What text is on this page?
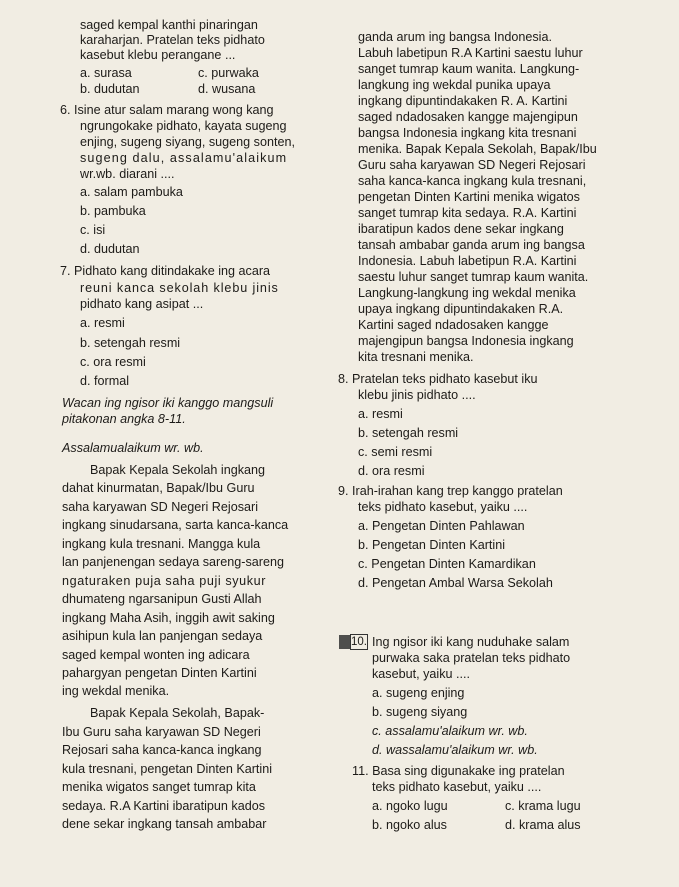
saged kempal kanthi pinaringan
karaharjan. Pratelan teks pidhato
kasebut klebu perangane ...
a. surasa	c. purwaka
b. dudutan	d. wusana
6. Isine atur salam marang wong kang
ngrungokake pidhato, kayata sugeng
enjing, sugeng siyang, sugeng sonten,
sugeng dalu, assalamu'alaikum
wr.wb. diarani ....
a. salam pambuka
b. pambuka
c. isi
d. dudutan
7. Pidhato kang ditindakake ing acara
reuni kanca sekolah klebu jinis
pidhato kang asipat ...
a. resmi
b. setengah resmi
c. ora resmi
d. formal
Wacan ing ngisor iki kanggo mangsuli
pitakonan angka 8-11.
Assalamualaikum wr. wb.
Bapak Kepala Sekolah ingkang
dahat kinurmatan, Bapak/Ibu Guru
saha karyawan SD Negeri Rejosari
ingkang sinudarsana, sarta kanca-kanca
ingkang kula tresnani. Mangga kula
lan panjenengan sedaya sareng-sareng
ngaturaken puja saha puji syukur
dhumateng ngarsanipun Gusti Allah
ingkang Maha Asih, inggih awit saking
asihipun kula lan panjengan sedaya
saged kempal wonten ing adicara
pahargyan pengetan Dinten Kartini
ing wekdal menika.
Bapak Kepala Sekolah, Bapak-
Ibu Guru saha karyawan SD Negeri
Rejosari saha kanca-kanca ingkang
kula tresnani, pengetan Dinten Kartini
menika wigatos sanget tumrap kita
sedaya. R.A Kartini ibaratipun kados
dene sekar ingkang tansah ambabar
ganda arum ing bangsa Indonesia.
Labuh labetipun R.A Kartini saestu luhur
sanget tumrap kaum wanita. Langkung-
langkung ing wekdal punika upaya
ingkang dipuntindakaken R. A. Kartini
saged ndadosaken kangge majengipun
bangsa Indonesia ingkang kita tresnani
menika. Bapak Kepala Sekolah, Bapak/Ibu
Guru saha karyawan SD Negeri Rejosari
saha kanca-kanca ingkang kula tresnani,
pengetan Dinten Kartini menika wigatos
sanget tumrap kita sedaya. R.A. Kartini
ibaratipun kados dene sekar ingkang
tansah ambabar ganda arum ing bangsa
Indonesia. Labuh labetipun R.A. Kartini
saestu luhur sanget tumrap kaum wanita.
Langkung-langkung ing wekdal menika
upaya ingkang dipuntindakaken R.A.
Kartini saged ndadosaken kangge
majengipun bangsa Indonesia ingkang
kita tresnani menika.
8. Pratelan teks pidhato kasebut iku
klebu jinis pidhato ....
a. resmi
b. setengah resmi
c. semi resmi
d. ora resmi
9. Irah-irahan kang trep kanggo pratelan
teks pidhato kasebut, yaiku ....
a. Pengetan Dinten Pahlawan
b. Pengetan Dinten Kartini
c. Pengetan Dinten Kamardikan
d. Pengetan Ambal Warsa Sekolah
10. Ing ngisor iki kang nuduhake salam
purwaka saka pratelan teks pidhato
kasebut, yaiku ....
a. sugeng enjing
b. sugeng siyang
c. assalamu'alaikum wr. wb.
d. wassalamu'alaikum wr. wb.
11. Basa sing digunakake ing pratelan
teks pidhato kasebut, yaiku ....
a. ngoko lugu	c. krama lugu
b. ngoko alus	d. krama alus
